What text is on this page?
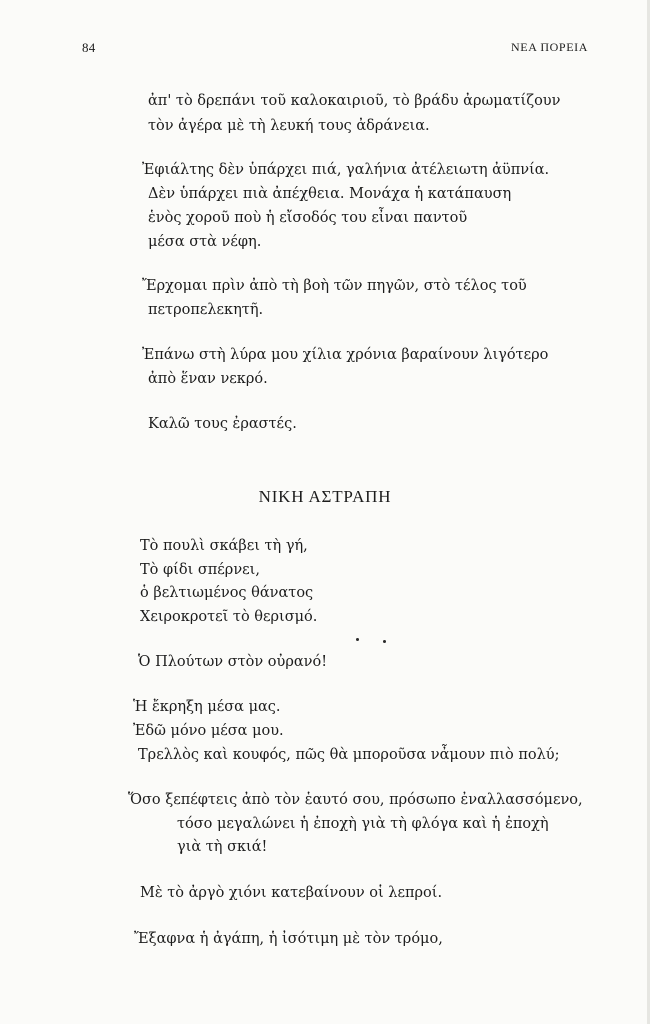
84	ΝΕΑ ΠΟΡΕΙΑ
ἀπ' τὸ δρεπάνι τοῦ καλοκαιριοῦ, τὸ βράδυ ἀρωματίζουν
τὸν ἀγέρα μὲ τὴ λευκή τους ἀδράνεια.
Ἐφιάλτης δὲν ὑπάρχει πιά, γαλήνια ἀτέλειωτη ἀϋπνία.
Δὲν ὑπάρχει πιὰ ἀπέχθεια. Μονάχα ἡ κατάπαυση
ἑνὸς χοροῦ ποὺ ἡ εἴσοδός του εἶναι παντοῦ
μέσα στὰ νέφη.
Ἔρχομαι πρὶν ἀπὸ τὴ βοὴ τῶν πηγῶν, στὸ τέλος τοῦ
πετροπελεκητῆ.
Ἐπάνω στὴ λύρα μου χίλια χρόνια βαραίνουν λιγότερο
ἀπὸ ἕναν νεκρό.
Καλῶ τους ἐραστές.
ΝΙΚΗ ΑΣΤΡΑΠΗ
Τὸ πουλὶ σκάβει τὴ γή,
Τὸ φίδι σπέρνει,
ὁ βελτιωμένος θάνατος
Χειροκροτεῖ τὸ θερισμό.
Ὁ Πλούτων στὸν οὐρανό!
Ἡ ἔκρηξη μέσα μας.
Ἐδῶ μόνο μέσα μου.
Τρελλὸς καὶ κουφός, πῶς θὰ μποροῦσα νἆμουν πιὸ πολύ;
Ὅσο ξεπέφτεις ἀπὸ τὸν ἑαυτό σου, πρόσωπο ἐναλλασσόμενο,
τόσο μεγαλώνει ἡ ἐποχὴ γιὰ τὴ φλόγα καὶ ἡ ἐποχὴ
γιὰ τὴ σκιά!
Μὲ τὸ ἀργὸ χιόνι κατεβαίνουν οἱ λεπροί.
Ἔξαφνα ἡ ἀγάπη, ἡ ἰσότιμη μὲ τὸν τρόμο,
